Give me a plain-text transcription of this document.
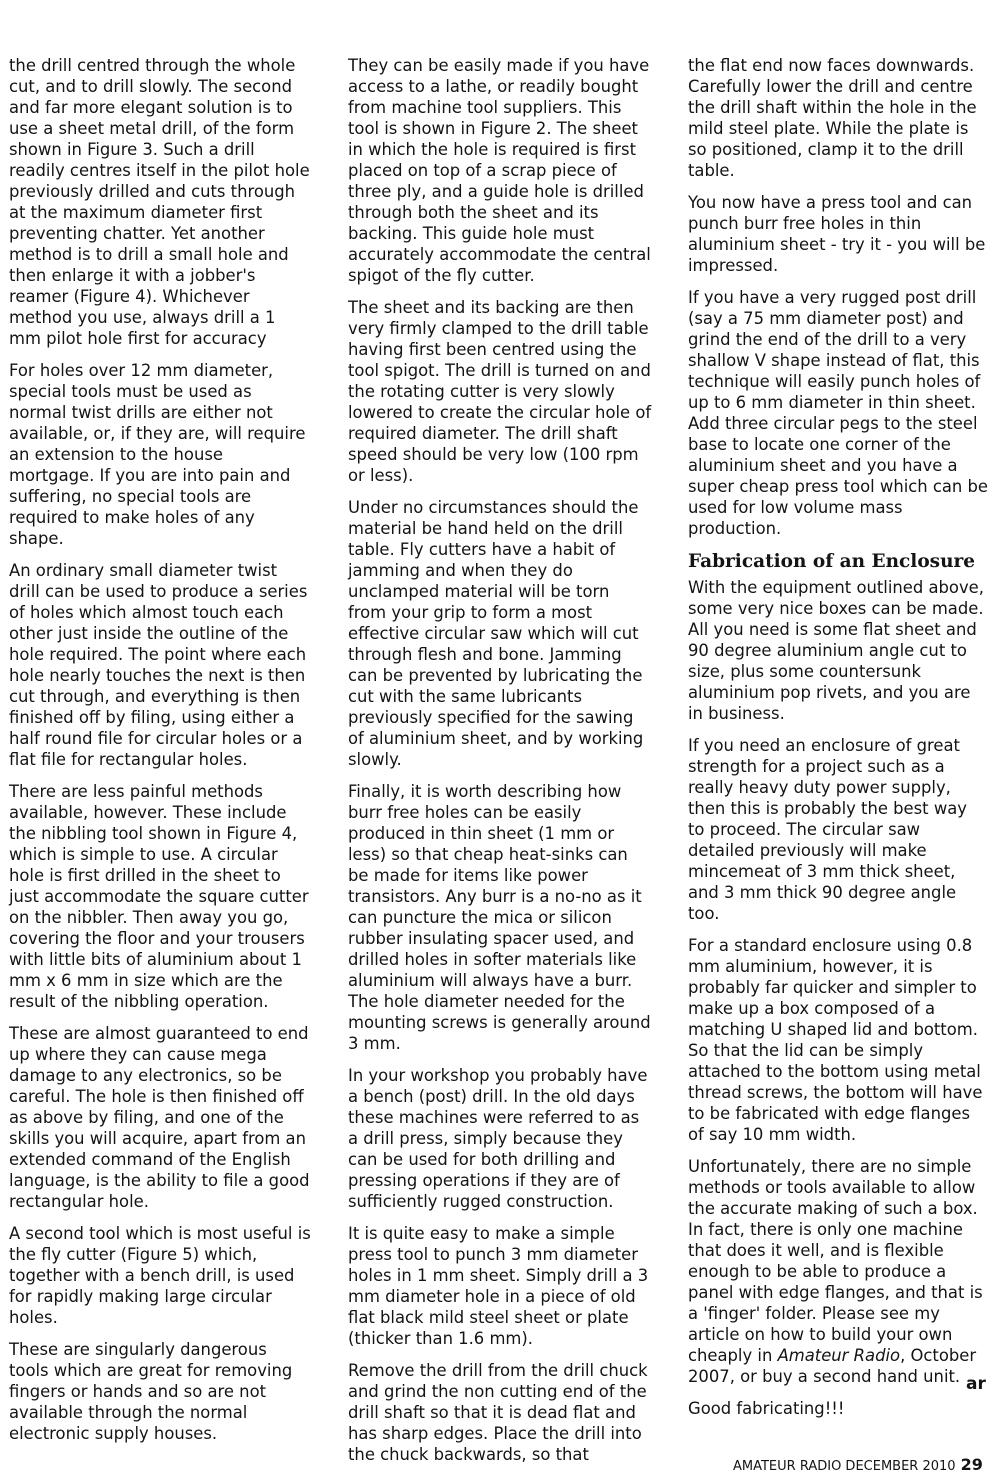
the drill centred through the whole cut, and to drill slowly. The second and far more elegant solution is to use a sheet metal drill, of the form shown in Figure 3. Such a drill readily centres itself in the pilot hole previously drilled and cuts through at the maximum diameter first preventing chatter. Yet another method is to drill a small hole and then enlarge it with a jobber's reamer (Figure 4). Whichever method you use, always drill a 1 mm pilot hole first for accuracy

For holes over 12 mm diameter, special tools must be used as normal twist drills are either not available, or, if they are, will require an extension to the house mortgage. If you are into pain and suffering, no special tools are required to make holes of any shape.

An ordinary small diameter twist drill can be used to produce a series of holes which almost touch each other just inside the outline of the hole required. The point where each hole nearly touches the next is then cut through, and everything is then finished off by filing, using either a half round file for circular holes or a flat file for rectangular holes.

There are less painful methods available, however. These include the nibbling tool shown in Figure 4, which is simple to use. A circular hole is first drilled in the sheet to just accommodate the square cutter on the nibbler. Then away you go, covering the floor and your trousers with little bits of aluminium about 1 mm x 6 mm in size which are the result of the nibbling operation.

These are almost guaranteed to end up where they can cause mega damage to any electronics, so be careful. The hole is then finished off as above by filing, and one of the skills you will acquire, apart from an extended command of the English language, is the ability to file a good rectangular hole.

A second tool which is most useful is the fly cutter (Figure 5) which, together with a bench drill, is used for rapidly making large circular holes.

These are singularly dangerous tools which are great for removing fingers or hands and so are not available through the normal electronic supply houses.

They can be easily made if you have access to a lathe, or readily bought from machine tool suppliers. This tool is shown in Figure 2. The sheet in which the hole is required is first placed on top of a scrap piece of three ply, and a guide hole is drilled through both the sheet and its backing. This guide hole must accurately accommodate the central spigot of the fly cutter.

The sheet and its backing are then very firmly clamped to the drill table having first been centred using the tool spigot. The drill is turned on and the rotating cutter is very slowly lowered to create the circular hole of required diameter. The drill shaft speed should be very low (100 rpm or less).

Under no circumstances should the material be hand held on the drill table. Fly cutters have a habit of jamming and when they do unclamped material will be torn from your grip to form a most effective circular saw which will cut through flesh and bone. Jamming can be prevented by lubricating the cut with the same lubricants previously specified for the sawing of aluminium sheet, and by working slowly.

Finally, it is worth describing how burr free holes can be easily produced in thin sheet (1 mm or less) so that cheap heat-sinks can be made for items like power transistors. Any burr is a no-no as it can puncture the mica or silicon rubber insulating spacer used, and drilled holes in softer materials like aluminium will always have a burr. The hole diameter needed for the mounting screws is generally around 3 mm.

In your workshop you probably have a bench (post) drill. In the old days these machines were referred to as a drill press, simply because they can be used for both drilling and pressing operations if they are of sufficiently rugged construction.

It is quite easy to make a simple press tool to punch 3 mm diameter holes in 1 mm sheet. Simply drill a 3 mm diameter hole in a piece of old flat black mild steel sheet or plate (thicker than 1.6 mm).

Remove the drill from the drill chuck and grind the non cutting end of the drill shaft so that it is dead flat and has sharp edges. Place the drill into the chuck backwards, so that

the flat end now faces downwards. Carefully lower the drill and centre the drill shaft within the hole in the mild steel plate. While the plate is so positioned, clamp it to the drill table.

You now have a press tool and can punch burr free holes in thin aluminium sheet - try it - you will be impressed.

If you have a very rugged post drill (say a 75 mm diameter post) and grind the end of the drill to a very shallow V shape instead of flat, this technique will easily punch holes of up to 6 mm diameter in thin sheet. Add three circular pegs to the steel base to locate one corner of the aluminium sheet and you have a super cheap press tool which can be used for low volume mass production.

Fabrication of an Enclosure

With the equipment outlined above, some very nice boxes can be made. All you need is some flat sheet and 90 degree aluminium angle cut to size, plus some countersunk aluminium pop rivets, and you are in business.

If you need an enclosure of great strength for a project such as a really heavy duty power supply, then this is probably the best way to proceed. The circular saw detailed previously will make mincemeat of 3 mm thick sheet, and 3 mm thick 90 degree angle too.

For a standard enclosure using 0.8 mm aluminium, however, it is probably far quicker and simpler to make up a box composed of a matching U shaped lid and bottom. So that the lid can be simply attached to the bottom using metal thread screws, the bottom will have to be fabricated with edge flanges of say 10 mm width.

Unfortunately, there are no simple methods or tools available to allow the accurate making of such a box. In fact, there is only one machine that does it well, and is flexible enough to be able to produce a panel with edge flanges, and that is a 'finger' folder. Please see my article on how to build your own cheaply in Amateur Radio, October 2007, or buy a second hand unit.

Good fabricating!!!

ar
AMATEUR RADIO DECEMBER 2010 29
